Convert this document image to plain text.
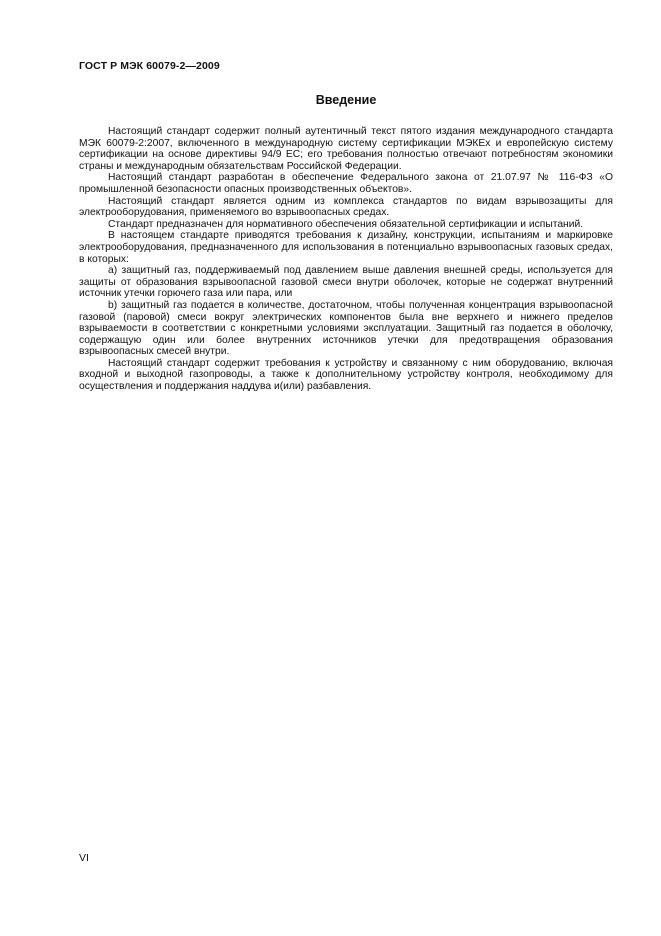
ГОСТ Р МЭК 60079-2—2009
Введение

Настоящий стандарт содержит полный аутентичный текст пятого издания международного стандарта МЭК 60079-2:2007, включенного в международную систему сертификации МЭКЕх и европейскую систему сертификации на основе директивы 94/9 ЕС; его требования полностью отвечают потребностям экономики страны и международным обязательствам Российской Федерации.

Настоящий стандарт разработан в обеспечение Федерального закона от 21.07.97 № 116-ФЗ «О промышленной безопасности опасных производственных объектов».

Настоящий стандарт является одним из комплекса стандартов по видам взрывозащиты для электрооборудования, применяемого во взрывоопасных средах.

Стандарт предназначен для нормативного обеспечения обязательной сертификации и испытаний.

В настоящем стандарте приводятся требования к дизайну, конструкции, испытаниям и маркировке электрооборудования, предназначенного для использования в потенциально взрывоопасных газовых средах, в которых:

a) защитный газ, поддерживаемый под давлением выше давления внешней среды, используется для защиты от образования взрывоопасной газовой смеси внутри оболочек, которые не содержат внутренний источник утечки горючего газа или пара, или

b) защитный газ подается в количестве, достаточном, чтобы полученная концентрация взрывоопасной газовой (паровой) смеси вокруг электрических компонентов была вне верхнего и нижнего пределов взрываемости в соответствии с конкретными условиями эксплуатации. Защитный газ подается в оболочку, содержащую один или более внутренних источников утечки для предотвращения образования взрывоопасных смесей внутри.

Настоящий стандарт содержит требования к устройству и связанному с ним оборудованию, включая входной и выходной газопроводы, а также к дополнительному устройству контроля, необходимому для осуществления и поддержания наддува и(или) разбавления.

VI
